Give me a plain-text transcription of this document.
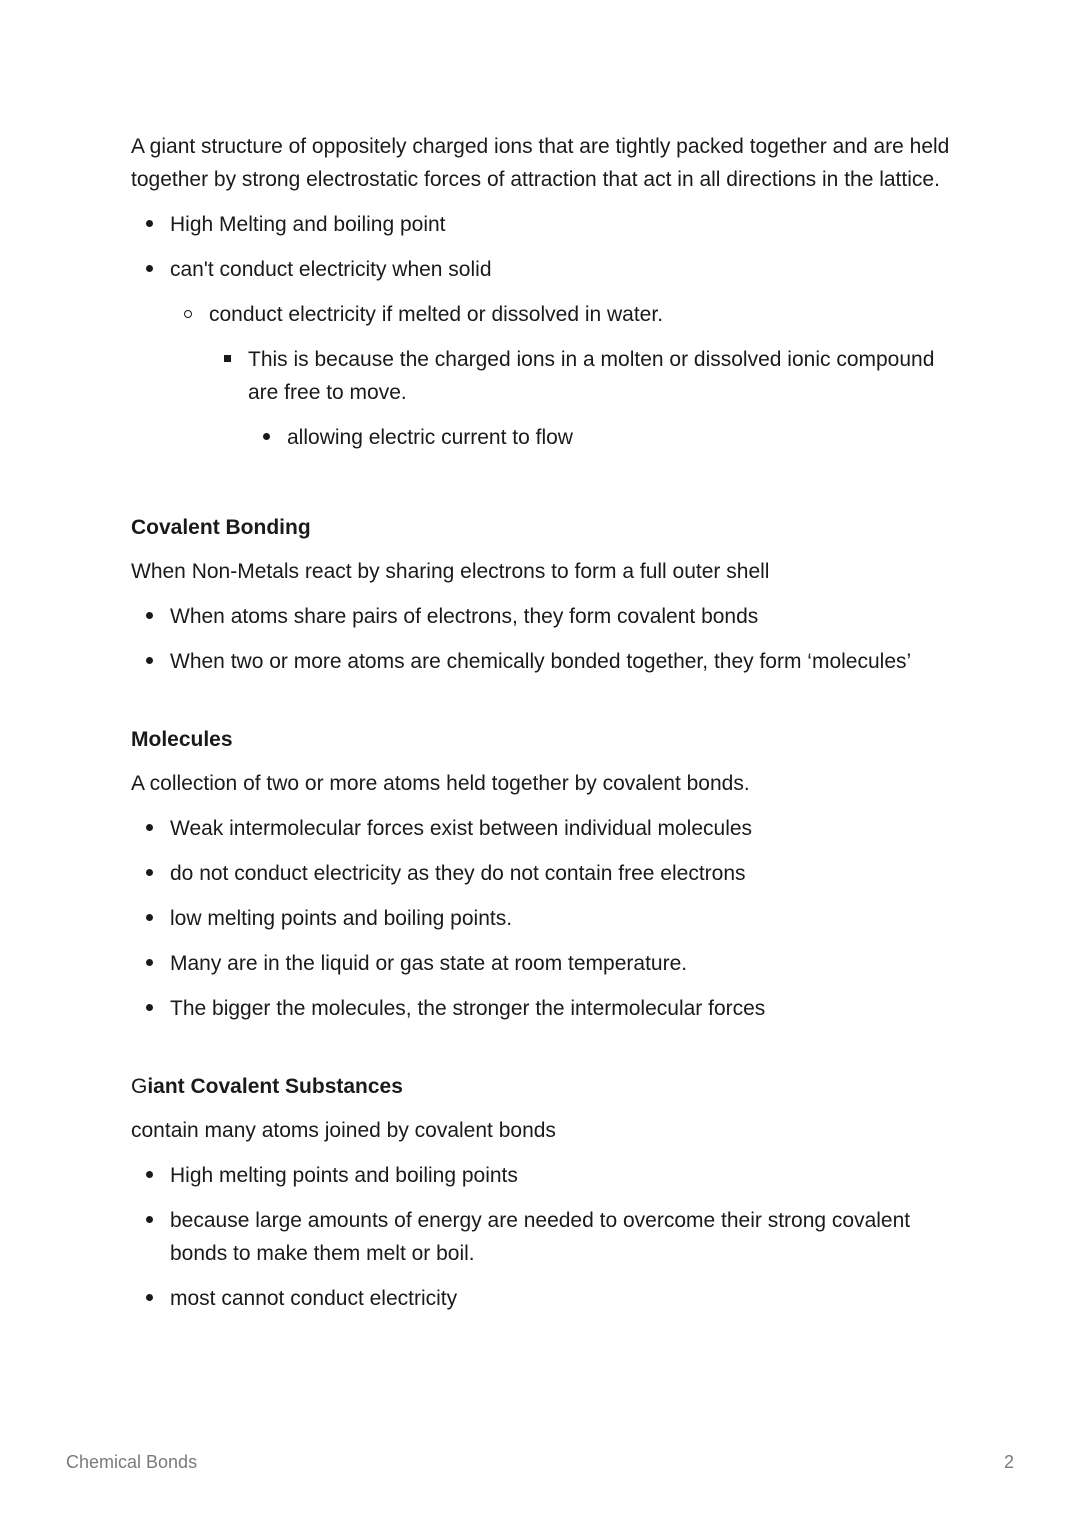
A giant structure of oppositely charged ions that are tightly packed together and are held together by strong electrostatic forces of attraction that act in all directions in the lattice.

High Melting and boiling point
can't conduct electricity when solid
conduct electricity if melted or dissolved in water.
This is because the charged ions in a molten or dissolved ionic compound are free to move.
allowing electric current to flow

Covalent Bonding

When Non-Metals react by sharing electrons to form a full outer shell

When atoms share pairs of electrons, they form covalent bonds
When two or more atoms are chemically bonded together, they form ‘molecules’

Molecules

A collection of two or more atoms held together by covalent bonds.

Weak intermolecular forces exist between individual molecules
do not conduct electricity as they do not contain free electrons
low melting points and boiling points.
Many are in the liquid or gas state at room temperature.
The bigger the molecules, the stronger the intermolecular forces

Giant Covalent Substances

contain many atoms joined by covalent bonds

High melting points and boiling points
because large amounts of energy are needed to overcome their strong covalent bonds to make them melt or boil.
most cannot conduct electricity
Chemical Bonds	2
